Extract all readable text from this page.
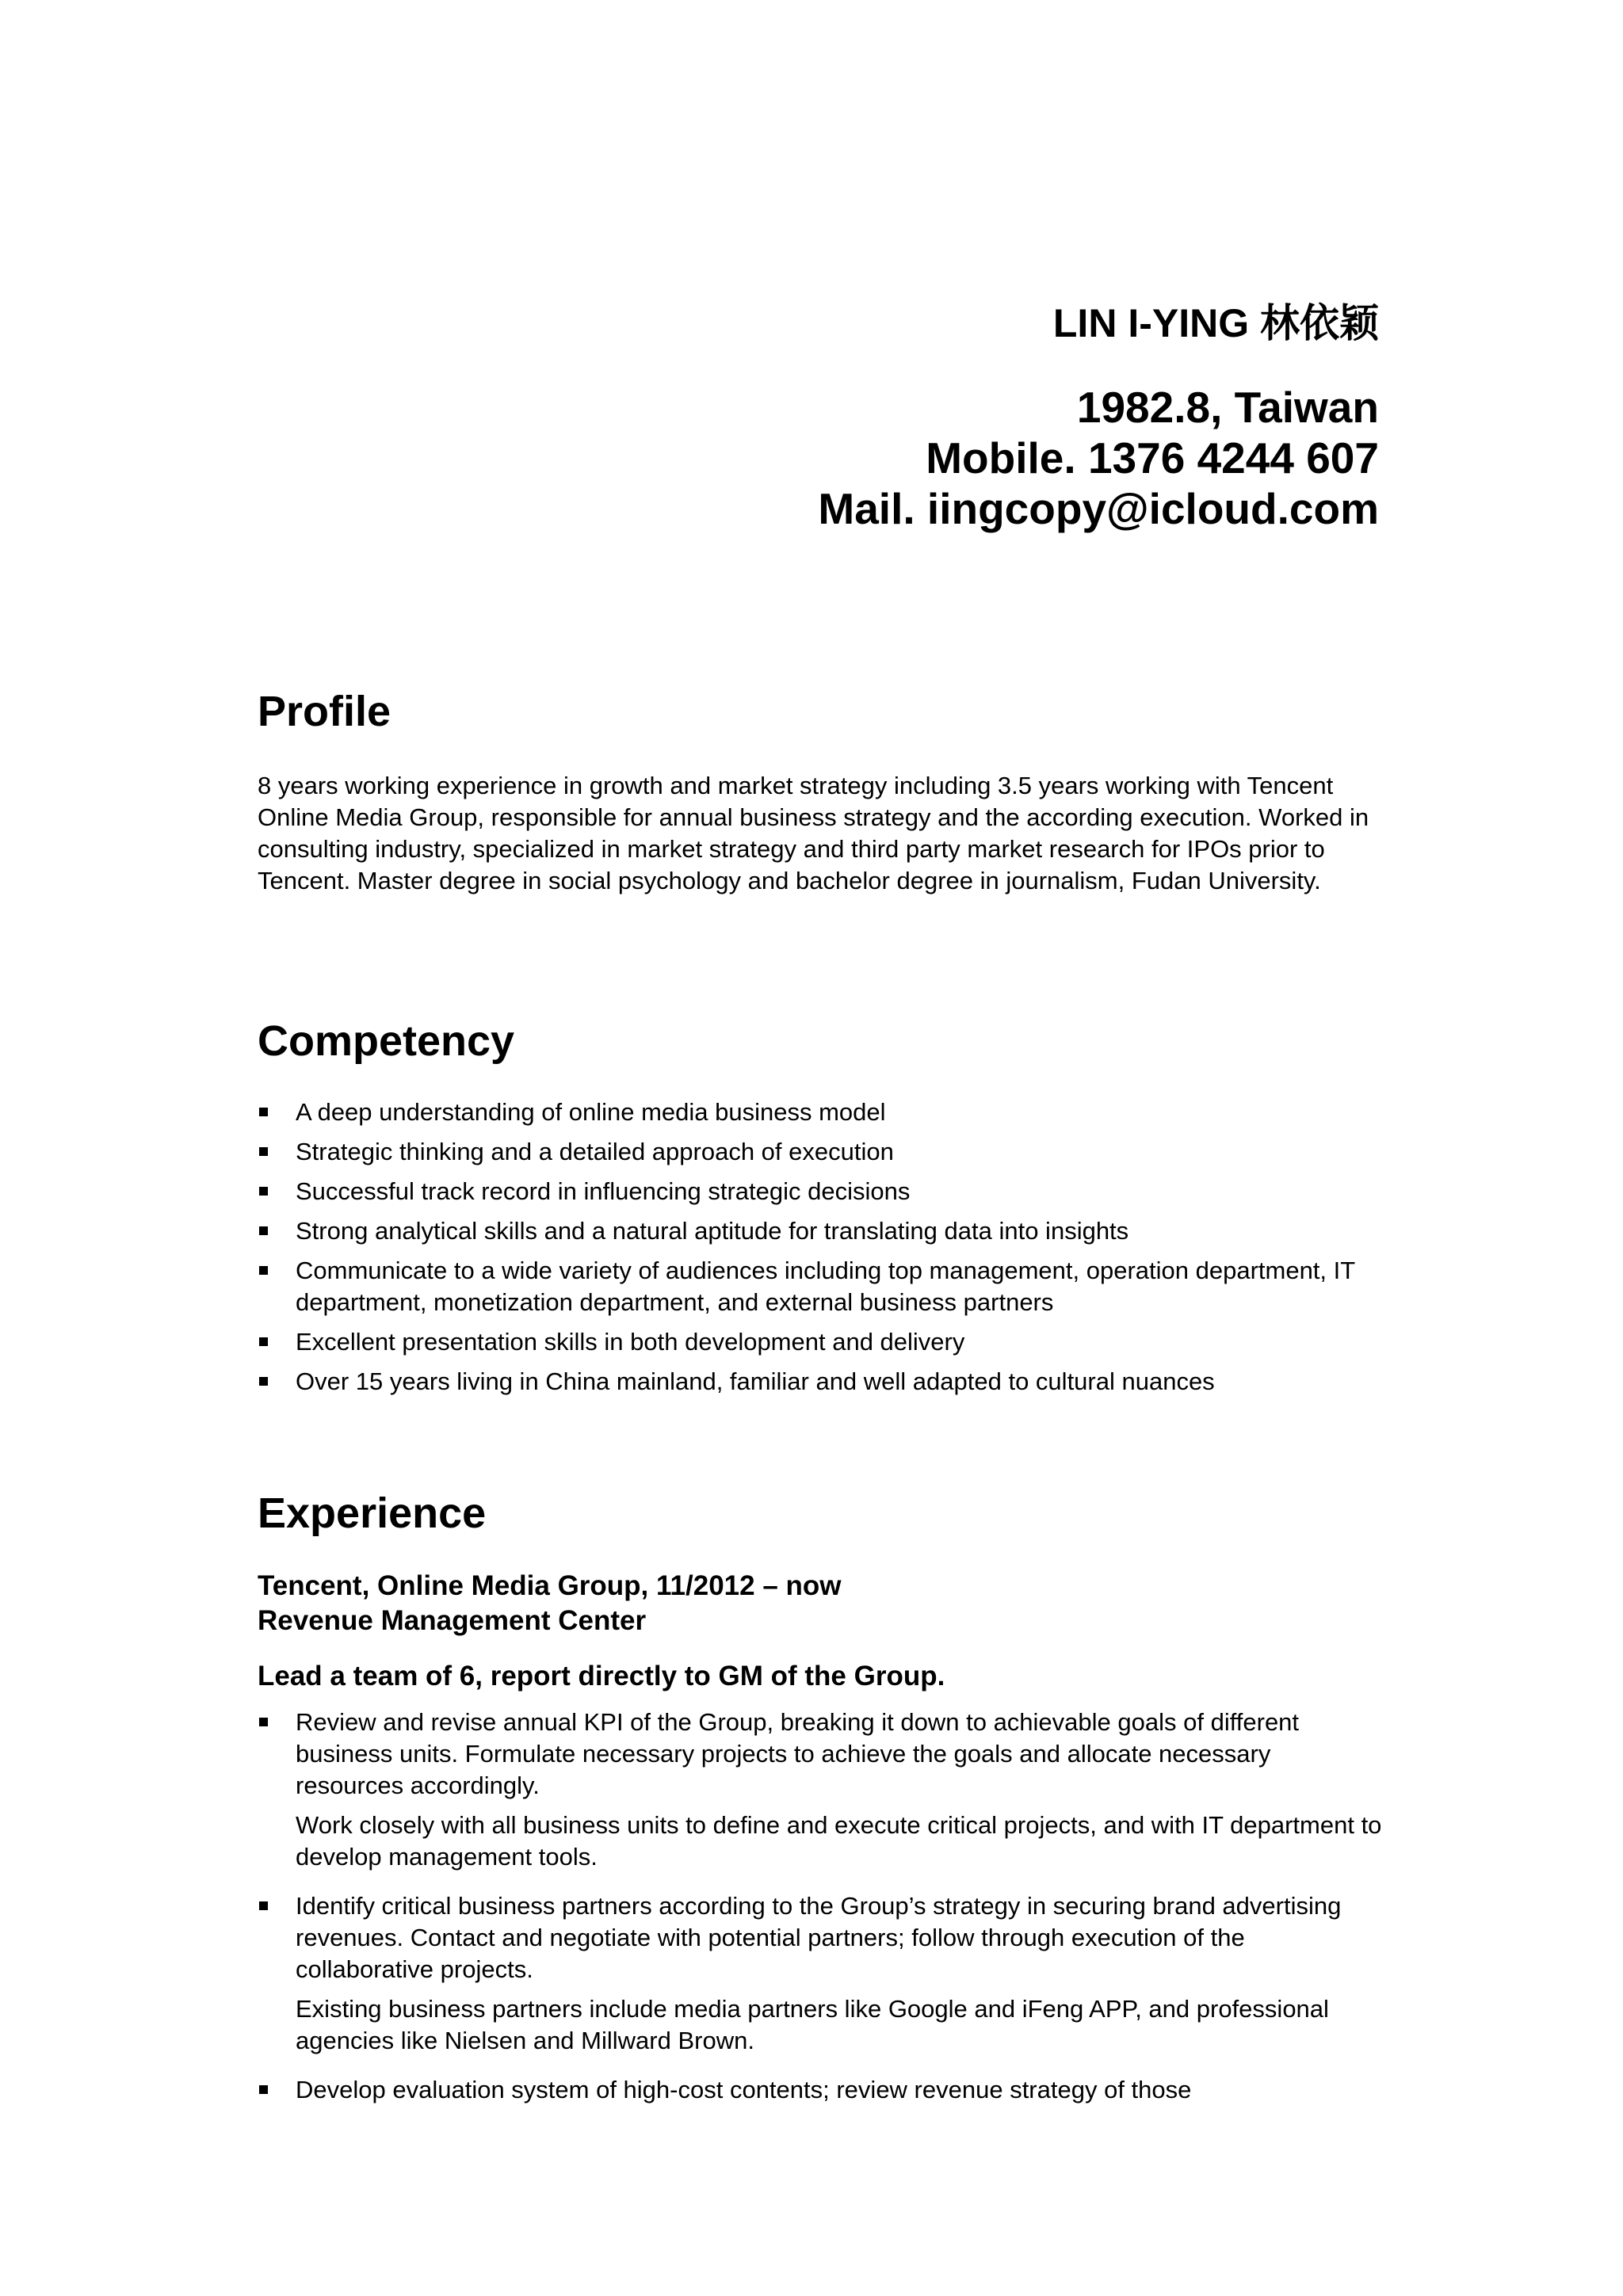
LIN I-YING 林依颖
1982.8, Taiwan
Mobile. 1376 4244 607
Mail. iingcopy@icloud.com
Profile

8 years working experience in growth and market strategy including 3.5 years working with Tencent Online Media Group, responsible for annual business strategy and the according execution. Worked in consulting industry, specialized in market strategy and third party market research for IPOs prior to Tencent. Master degree in social psychology and bachelor degree in journalism, Fudan University.

Competency
A deep understanding of online media business model
Strategic thinking and a detailed approach of execution
Successful track record in influencing strategic decisions
Strong analytical skills and a natural aptitude for translating data into insights
Communicate to a wide variety of audiences including top management, operation department, IT department, monetization department, and external business partners
Excellent presentation skills in both development and delivery
Over 15 years living in China mainland, familiar and well adapted to cultural nuances
Experience

Tencent, Online Media Group, 11/2012 – now

Revenue Management Center

Lead a team of 6, report directly to GM of the Group.

Review and revise annual KPI of the Group, breaking it down to achievable goals of different business units. Formulate necessary projects to achieve the goals and allocate necessary resources accordingly.
Work closely with all business units to define and execute critical projects, and with IT department to develop management tools.
Identify critical business partners according to the Group’s strategy in securing brand advertising revenues. Contact and negotiate with potential partners; follow through execution of the collaborative projects.
Existing business partners include media partners like Google and iFeng APP, and professional agencies like Nielsen and Millward Brown.
Develop evaluation system of high-cost contents; review revenue strategy of those
